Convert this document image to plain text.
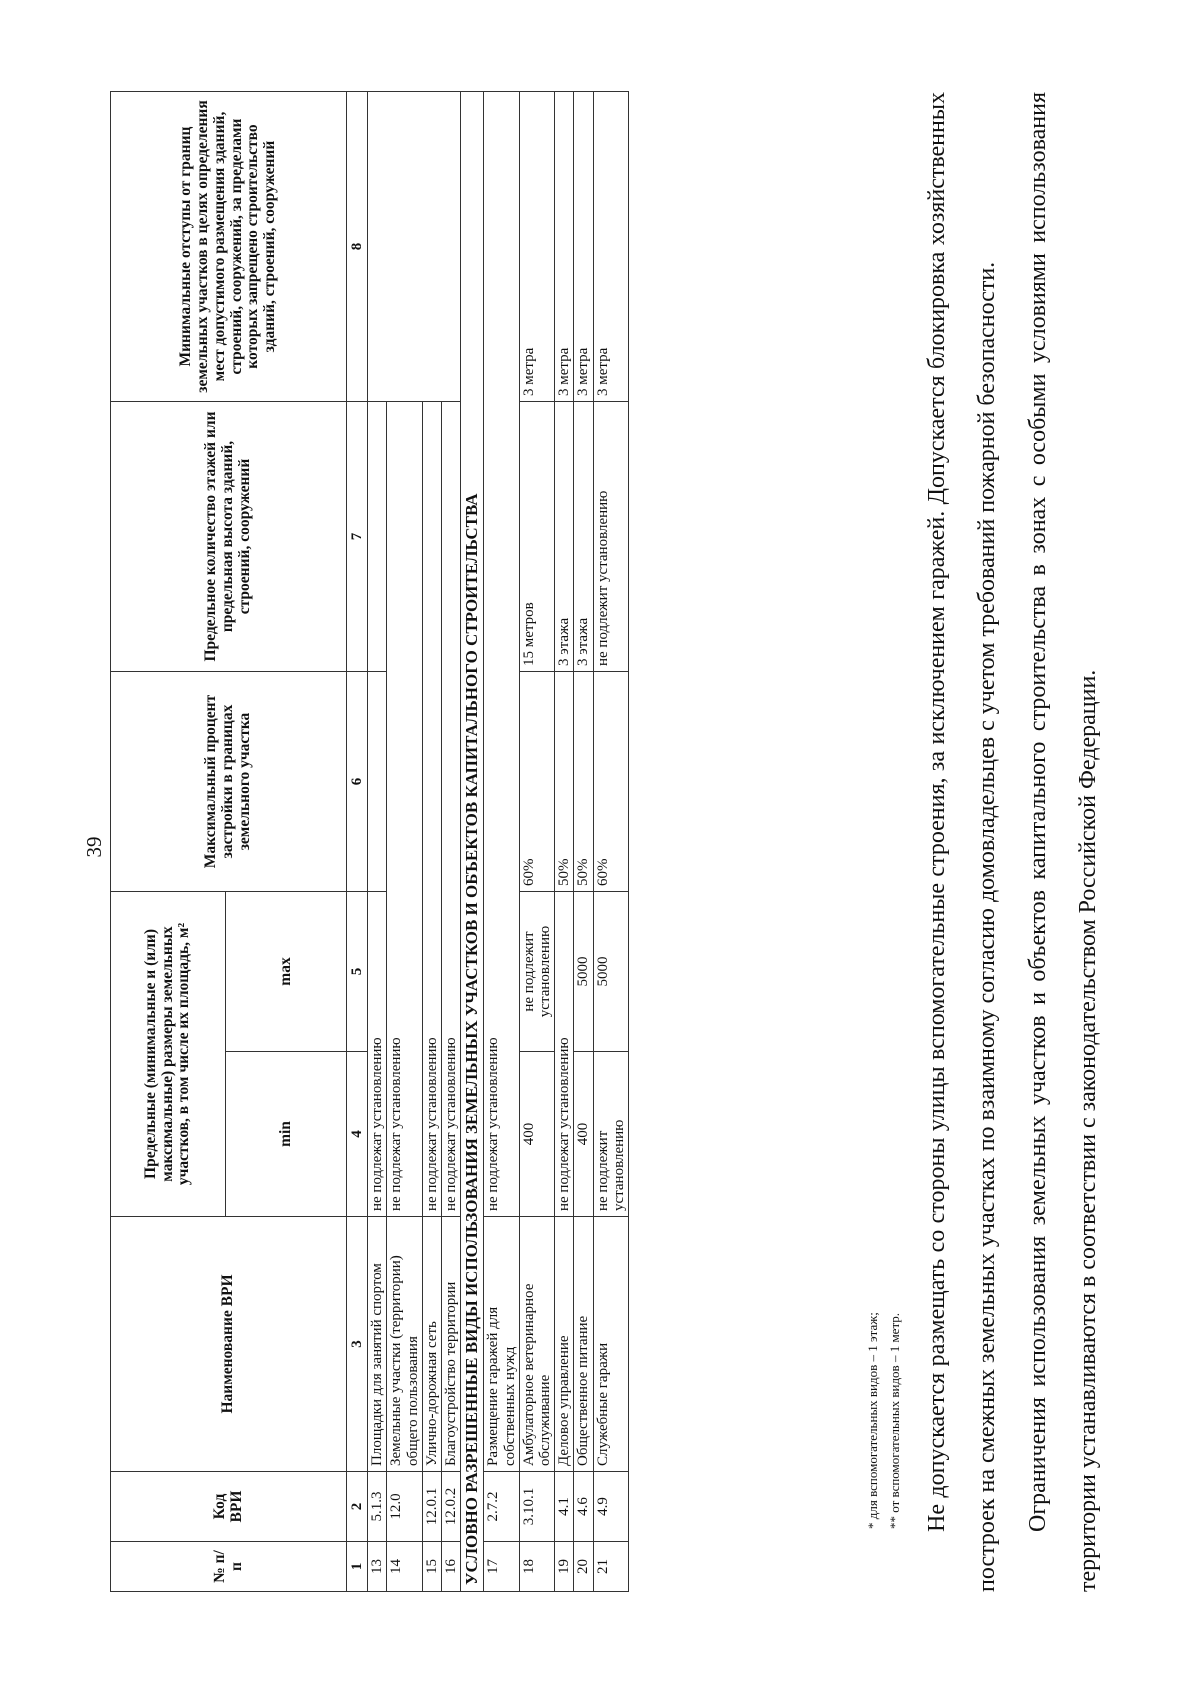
39
№ п/п	Код ВРИ	Наименование ВРИ	Предельные (минимальные и (или) максимальные) размеры земельных участков, в том числе их площадь, м²		Максимальный процент застройки в границах земельного участка	Предельное количество этажей или предельная высота зданий, строений, сооружений	Минимальные отступы от границ земельных участков в целях определения мест допустимого размещения зданий, строений, сооружений, за пределами которых запрещено строительство зданий, строений, сооружений
			min	max			
1	2	3	4	5	6	7	8
13	5.1.3	Площадки для занятий спортом	не подлежат установлению				
14	12.0	Земельные участки (территории) общего пользования	не подлежат установлению				
15	12.0.1	Улично-дорожная сеть	не подлежат установлению				
16	12.0.2	Благоустройство территории	не подлежат установлению				
УСЛОВНО РАЗРЕШЕННЫЕ ВИДЫ ИСПОЛЬЗОВАНИЯ ЗЕМЕЛЬНЫХ УЧАСТКОВ И ОБЪЕКТОВ КАПИТАЛЬНОГО СТРОИТЕЛЬСТВА							
17	2.7.2	Размещение гаражей для собственных нужд	не подлежат установлению				
18	3.10.1	Амбулаторное ветеринарное обслуживание	400	не подлежит установлению	60%	15 метров	3 метра
19	4.1	Деловое управление	не подлежат установлению		50%	3 этажа	3 метра
20	4.6	Общественное питание	400	5000	50%	3 этажа	3 метра
21	4.9	Служебные гаражи	не подлежит установлению	5000	60%	не подлежит установлению	3 метра
* для вспомогательных видов – 1 этаж; ** от вспомогательных видов – 1 метр. Не допускается размещать со стороны улицы вспомогательные строения, за исключением гаражей. Допускается блокировка хозяйственных построек на смежных земельных участках по взаимному согласию домовладельцев с учетом требований пожарной безопасности.	Ограничения использования земельных участков и объектов капитального строительства в зонах с особыми условиями использования территории устанавливаются в соответствии с законодательством Российской Федерации.
